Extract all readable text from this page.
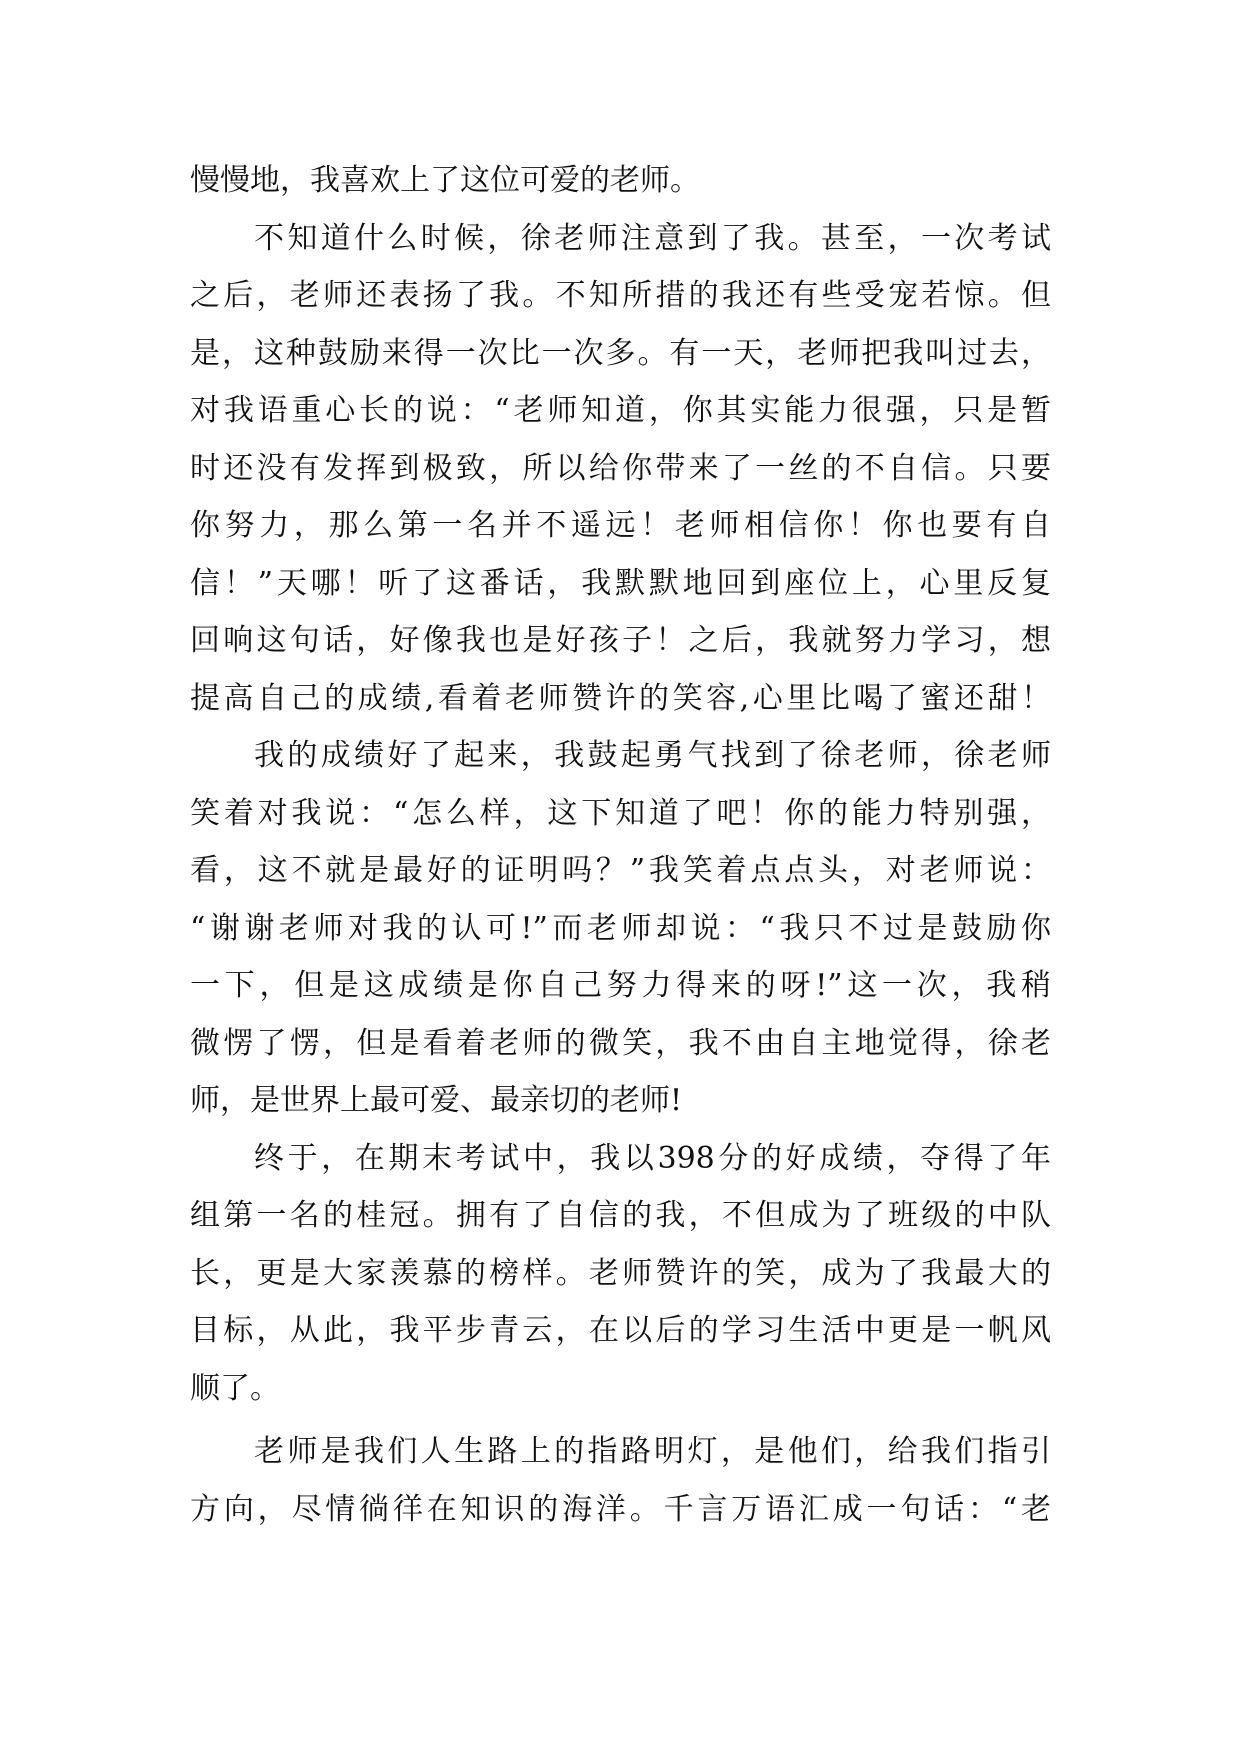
慢慢地，我喜欢上了这位可爱的老师。
不知道什么时候，徐老师注意到了我。甚至，一次考试
之后，老师还表扬了我。不知所措的我还有些受宠若惊。但
是，这种鼓励来得一次比一次多。有一天，老师把我叫过去，
对我语重心长的说：“老师知道，你其实能力很强，只是暂
时还没有发挥到极致，所以给你带来了一丝的不自信。只要
你努力，那么第一名并不遥远！老师相信你！你也要有自
信！”天哪！听了这番话，我默默地回到座位上，心里反复
回响这句话，好像我也是好孩子！之后，我就努力学习，想
提高自己的成绩,看着老师赞许的笑容,心里比喝了蜜还甜！
我的成绩好了起来，我鼓起勇气找到了徐老师，徐老师
笑着对我说：“怎么样，这下知道了吧！你的能力特别强，
看，这不就是最好的证明吗？”我笑着点点头，对老师说：
“谢谢老师对我的认可!”而老师却说：“我只不过是鼓励你
一下，但是这成绩是你自己努力得来的呀!”这一次，我稍
微愣了愣，但是看着老师的微笑，我不由自主地觉得，徐老
师，是世界上最可爱、最亲切的老师!
终于，在期末考试中，我以398分的好成绩，夺得了年
组第一名的桂冠。拥有了自信的我，不但成为了班级的中队
长，更是大家羡慕的榜样。老师赞许的笑，成为了我最大的
目标，从此，我平步青云，在以后的学习生活中更是一帆风
顺了。
老师是我们人生路上的指路明灯，是他们，给我们指引
方向，尽情徜徉在知识的海洋。千言万语汇成一句话：“老
